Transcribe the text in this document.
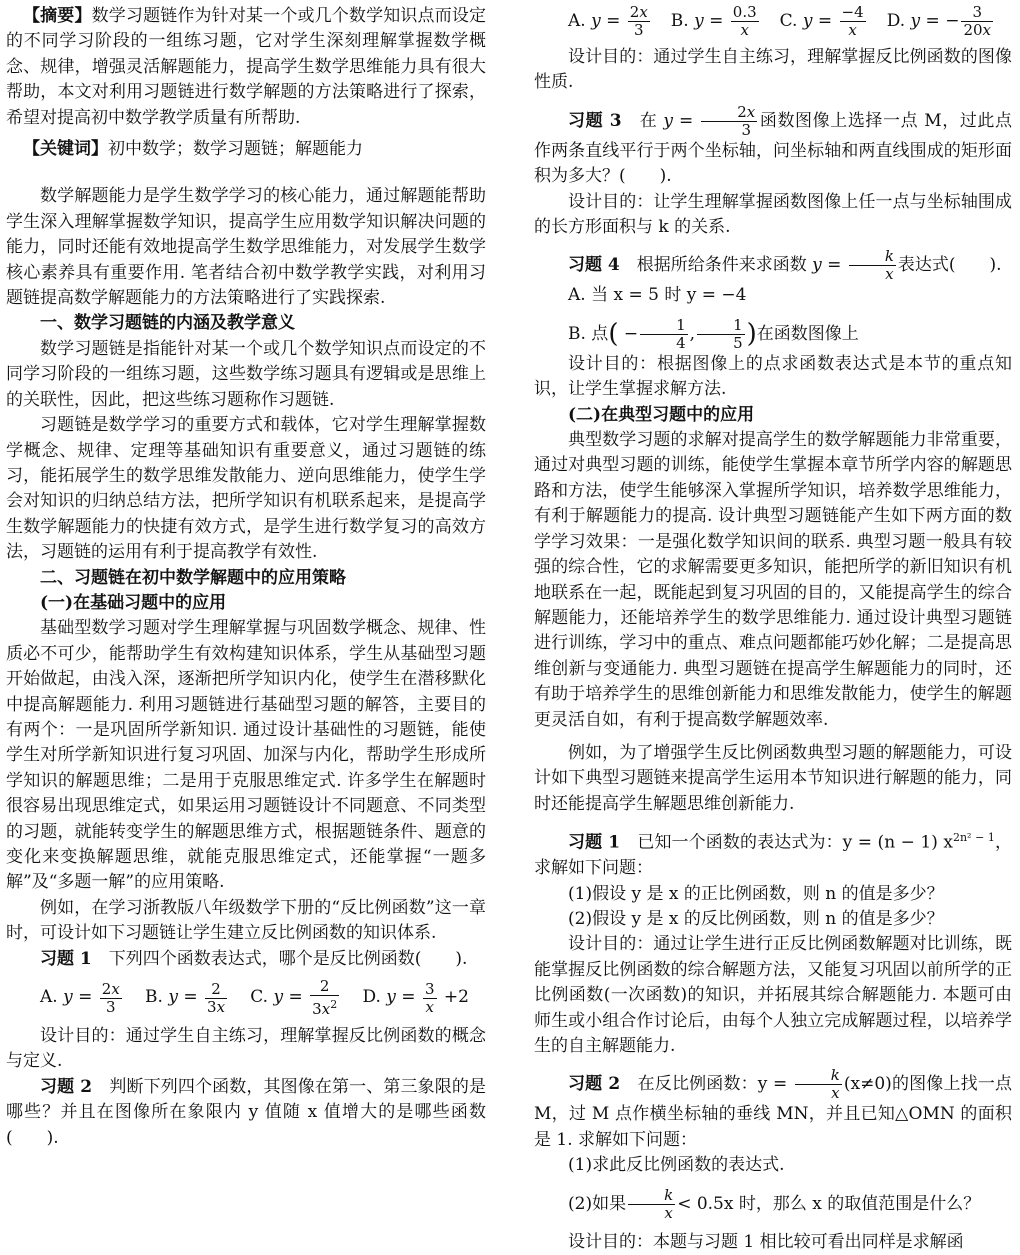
【摘要】数学习题链作为针对某一个或几个数学知识点而设定的不同学习阶段的一组练习题，它对学生深刻理解掌握数学概念、规律，增强灵活解题能力，提高学生数学思维能力具有很大帮助，本文对利用习题链进行数学解题的方法策略进行了探索，希望对提高初中数学教学质量有所帮助.

【关键词】初中数学；数学习题链；解题能力

数学解题能力是学生数学学习的核心能力，通过解题能帮助学生深入理解掌握数学知识，提高学生应用数学知识解决问题的能力，同时还能有效地提高学生数学思维能力，对发展学生数学核心素养具有重要作用. 笔者结合初中数学教学实践，对利用习题链提高数学解题能力的方法策略进行了实践探索.

一、数学习题链的内涵及教学意义

数学习题链是指能针对某一个或几个数学知识点而设定的不同学习阶段的一组练习题，这些数学练习题具有逻辑或是思维上的关联性，因此，把这些练习题称作习题链.

习题链是数学学习的重要方式和载体，它对学生理解掌握数学概念、规律、定理等基础知识有重要意义，通过习题链的练习，能拓展学生的数学思维发散能力、逆向思维能力，使学生学会对知识的归纳总结方法，把所学知识有机联系起来，是提高学生数学解题能力的快捷有效方式，是学生进行数学复习的高效方法，习题链的运用有利于提高教学有效性.

二、习题链在初中数学解题中的应用策略

(一)在基础习题中的应用

基础型数学习题对学生理解掌握与巩固数学概念、规律、性质必不可少，能帮助学生有效构建知识体系，学生从基础型习题开始做起，由浅入深，逐渐把所学知识内化，使学生在潜移默化中提高解题能力. 利用习题链进行基础型习题的解答，主要目的有两个：一是巩固所学新知识. 通过设计基础性的习题链，能使学生对所学新知识进行复习巩固、加深与内化，帮助学生形成所学知识的解题思维；二是用于克服思维定式. 许多学生在解题时很容易出现思维定式，如果运用习题链设计不同题意、不同类型的习题，就能转变学生的解题思维方式，根据题链条件、题意的变化来变换解题思维，就能克服思维定式，还能掌握“一题多解”及“多题一解”的应用策略.

例如，在学习浙教版八年级数学下册的“反比例函数”这一章时，可设计如下习题链让学生建立反比例函数的知识体系.

习题 1　 下列四个函数表达式，哪个是反比例函数(　　).

A.
$y = \frac{2x}{3} B$.
$y = \frac{2}{3x} C$.
$y = \frac{2}{3x^2} D$.
$y = \frac{3}{x} +2$

设计目的：通过学生自主练习，理解掌握反比例函数的概念与定义.

习题 2　 判断下列四个函数，其图像在第一、第三象限的是哪些？并且在图像所在象限内 y 值随 x 值增大的是哪些函数(　　).

A.
$y = \frac{2x}{3} B$.
$y = \frac{0.3}{x} C$.
$y = \frac{-4}{x} D$.
y = − $\frac{3}{20x}$

设计目的：通过学生自主练习，理解掌握反比例函数的图像性质.

习题 3　 在 $y = \frac{2x}{3}$ 函数图像上选择一点 M，过此点作两条直线平行于两个坐标轴，问坐标轴和两直线围成的矩形面积为多大？(　　).

设计目的：让学生理解掌握函数图像上任一点与坐标轴围成的长方形面积与 k 的关系.

习题 4　 根据所给条件来求函数 $y = \frac{k}{x}$ 表达式(　　).

A. 当 x = 5 时 y = −4

B. 点( − $\frac{1}{4}$ , $\frac{1}{5}$ )在函数图像上

设计目的：根据图像上的点求函数表达式是本节的重点知识，让学生掌握求解方法.

(二)在典型习题中的应用

典型数学习题的求解对提高学生的数学解题能力非常重要，通过对典型习题的训练，能使学生掌握本章节所学内容的解题思路和方法，使学生能够深入掌握所学知识，培养数学思维能力，有利于解题能力的提高. 设计典型习题链能产生如下两方面的数学学习效果：一是强化数学知识间的联系. 典型习题一般具有较强的综合性，它的求解需要更多知识，能把所学的新旧知识有机地联系在一起，既能起到复习巩固的目的，又能提高学生的综合解题能力，还能培养学生的数学思维能力. 通过设计典型习题链进行训练，学习中的重点、难点问题都能巧妙化解；二是提高思维创新与变通能力. 典型习题链在提高学生解题能力的同时，还有助于培养学生的思维创新能力和思维发散能力，使学生的解题更灵活自如，有利于提高数学解题效率.

例如，为了增强学生反比例函数典型习题的解题能力，可设计如下典型习题链来提高学生运用本节知识进行解题的能力，同时还能提高学生解题思维创新能力.

习题 1　 已知一个函数的表达式为：y = (n − 1) $x^{2n^2 - 1}$，求解如下问题：

(1)假设 y 是 x 的正比例函数，则 n 的值是多少？

(2)假设 y 是 x 的反比例函数，则 n 的值是多少？

设计目的：通过让学生进行正反比例函数解题对比训练，既能掌握反比例函数的综合解题方法，又能复习巩固以前所学的正比例函数(一次函数)的知识，并拓展其综合解题能力. 本题可由师生或小组合作讨论后，由每个人独立完成解题过程，以培养学生的自主解题能力.

习题 2　 在反比例函数：$y = \frac{k}{x} (x\ne 0)$的图像上找一点M，过 M 点作横坐标轴的垂线 MN，并且已知△OMN 的面积是 1. 求解如下问题：

(1)求此反比例函数的表达式.

(2)如果 $\frac{k}{x} < 0.5x$ 时，那么 x 的取值范围是什么？

设计目的：本题与习题 1 相比较可看出同样是求解函
